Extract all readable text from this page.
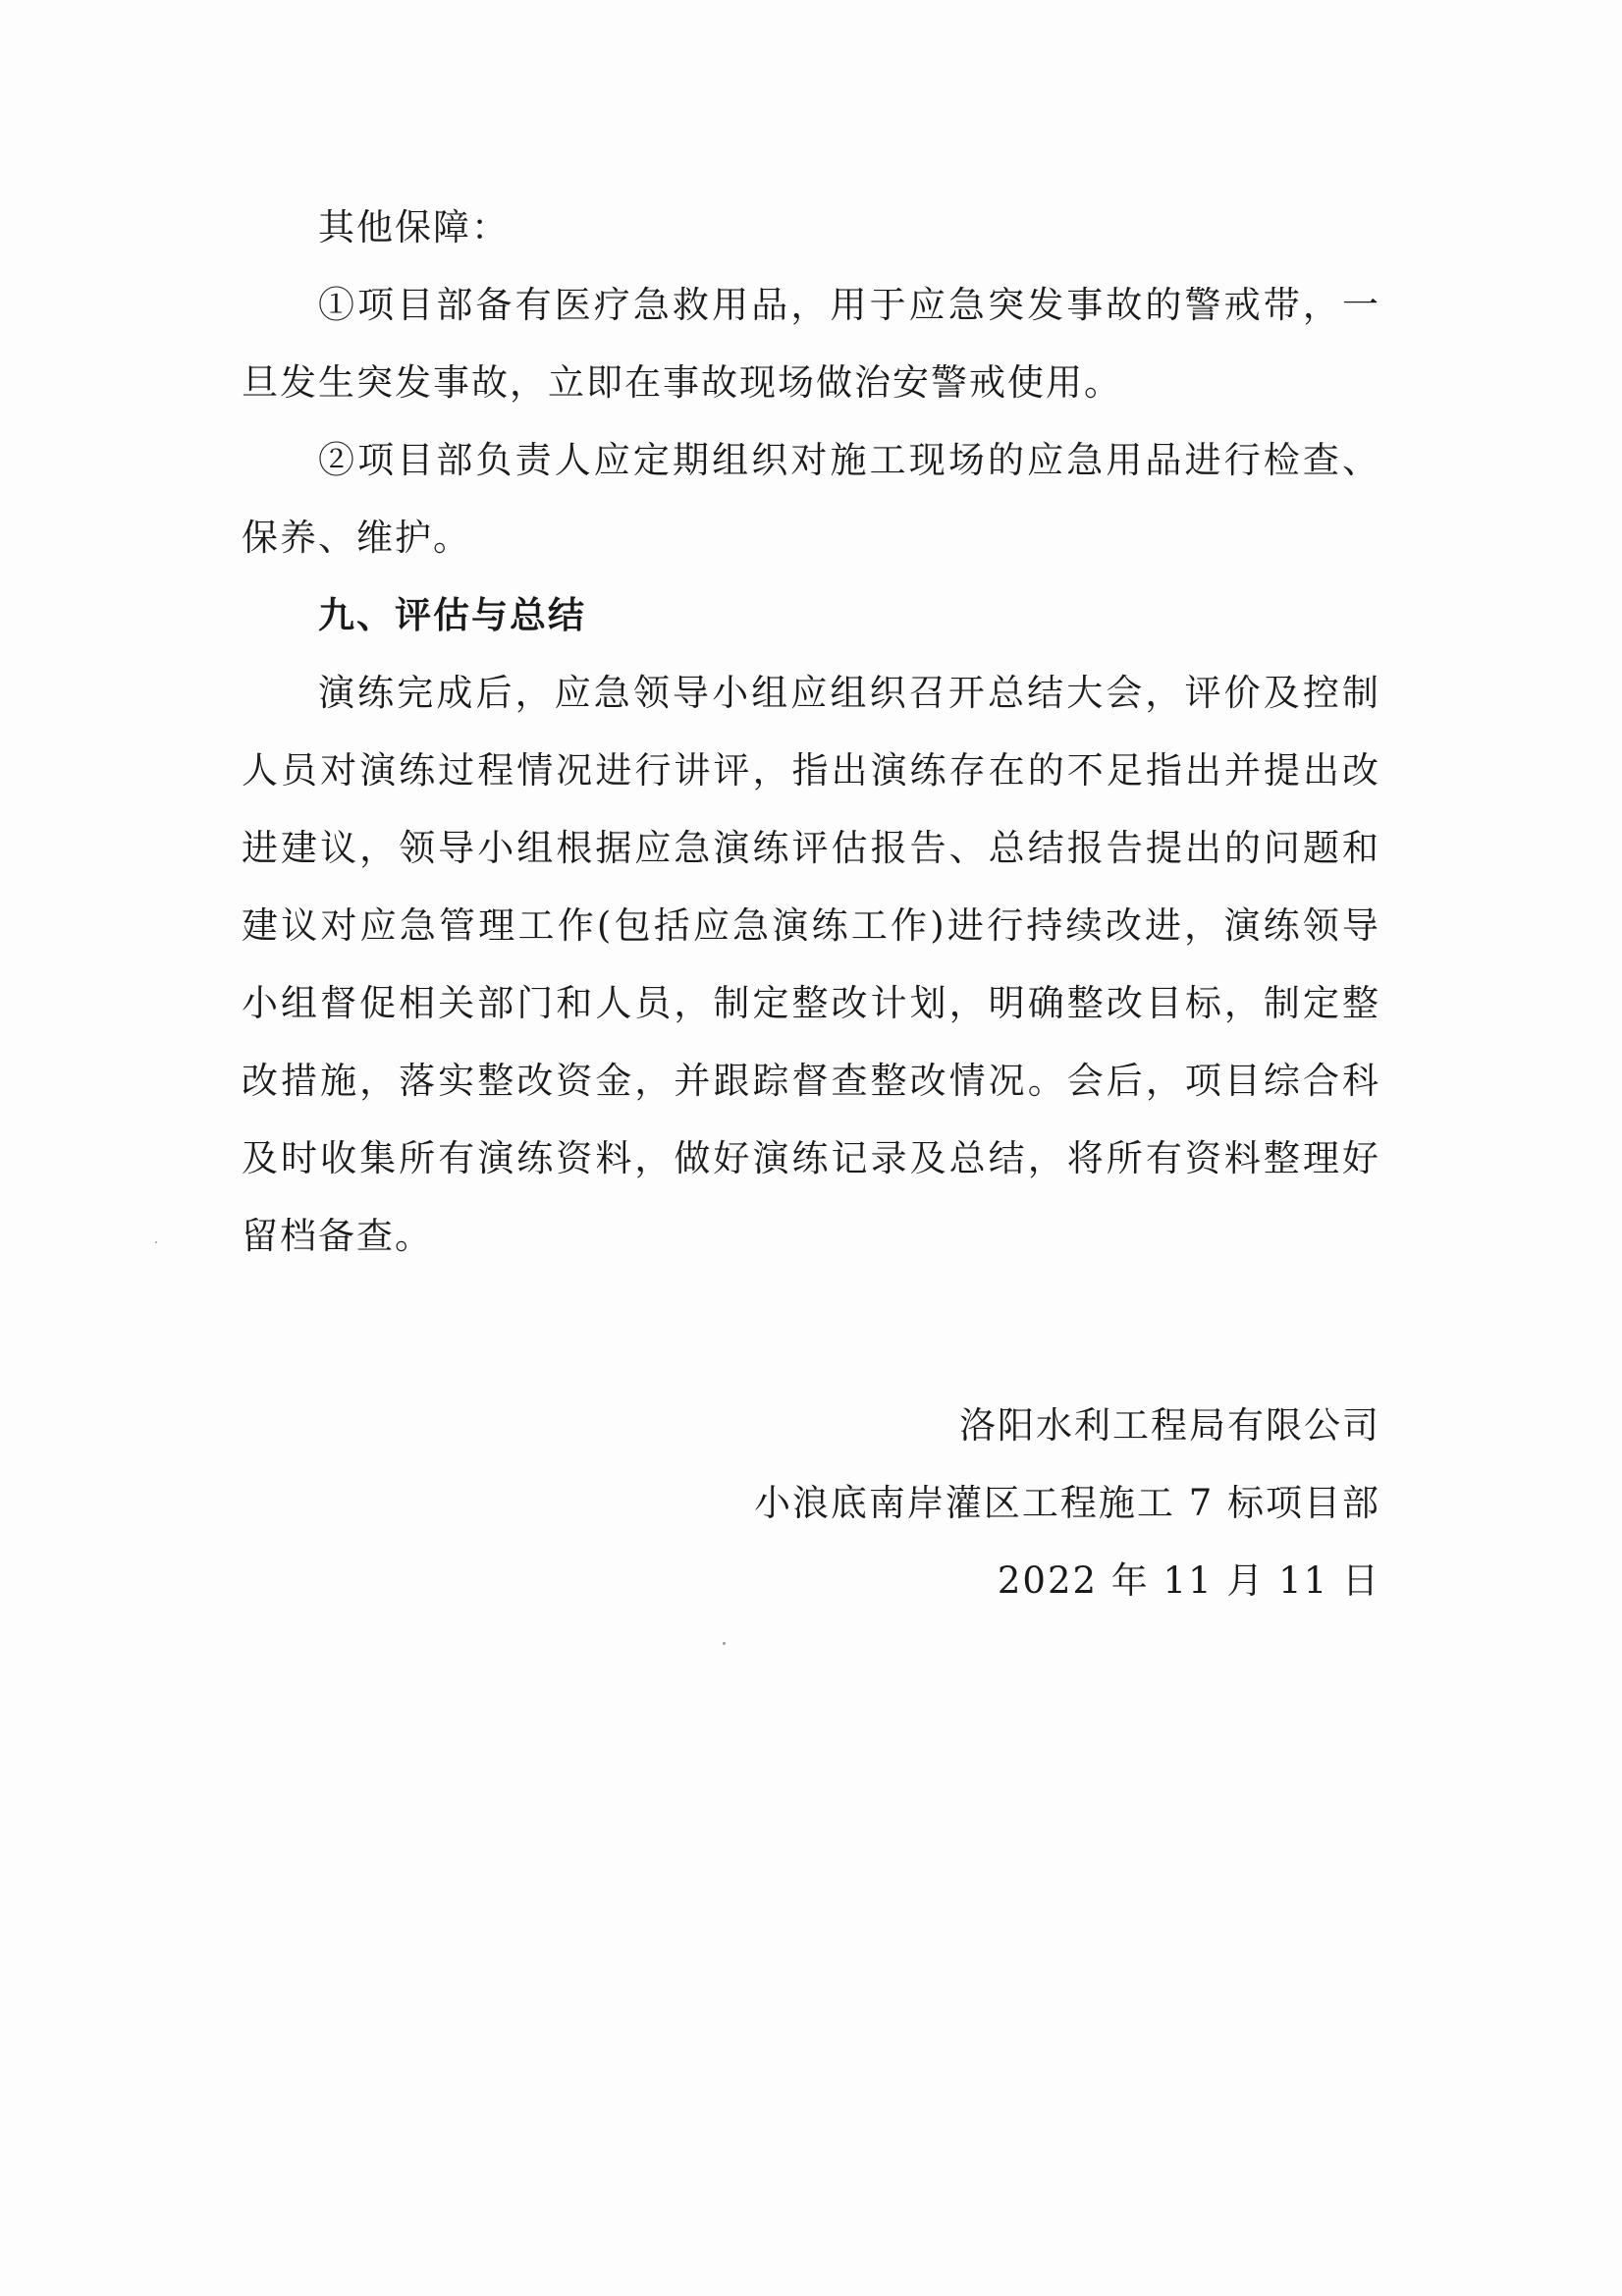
其他保障：

①项目部备有医疗急救用品，用于应急突发事故的警戒带，一旦发生突发事故，立即在事故现场做治安警戒使用。

②项目部负责人应定期组织对施工现场的应急用品进行检查、保养、维护。

九、评估与总结

演练完成后，应急领导小组应组织召开总结大会，评价及控制人员对演练过程情况进行讲评，指出演练存在的不足指出并提出改进建议，领导小组根据应急演练评估报告、总结报告提出的问题和建议对应急管理工作(包括应急演练工作)进行持续改进，演练领导小组督促相关部门和人员，制定整改计划，明确整改目标，制定整改措施，落实整改资金，并跟踪督查整改情况。会后，项目综合科及时收集所有演练资料，做好演练记录及总结，将所有资料整理好留档备查。

洛阳水利工程局有限公司
小浪底南岸灌区工程施工 7 标项目部
2022 年 11 月 11 日
